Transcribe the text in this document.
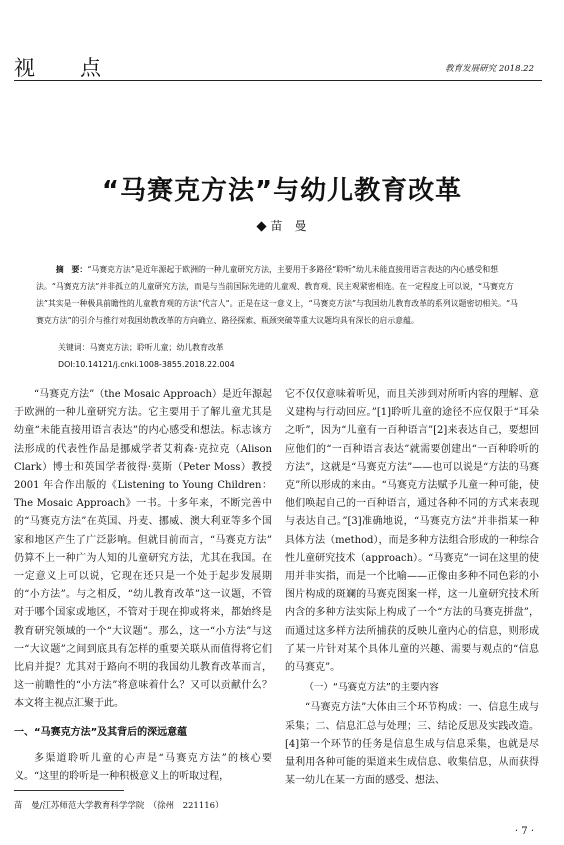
视 点	教育发展研究 2018.22
“马赛克方法”与幼儿教育改革
苗　曼

摘　要：“马赛克方法”是近年源起于欧洲的一种儿童研究方法，主要用于多路径“聆听”幼儿未能直接用语言表达的内心感受和想法。“马赛克方法”并非孤立的儿童研究方法，而是与当前国际先进的儿童观、教育观、民主观紧密相连。在一定程度上可以说，“马赛克方法”其实是一种极具前瞻性的儿童教育观的方法“代言人”。正是在这一意义上，“马赛克方法”与我国幼儿教育改革的系列议题密切相关。“马赛克方法”的引介与推行对我国幼教改革的方向确立、路径探索、瓶颈突破等重大议题均具有深长的启示意蕴。

关键词：马赛克方法；聆听儿童；幼儿教育改革
DOI:10.14121/j.cnki.1008-3855.2018.22.004

“马赛克方法”（the Mosaic Approach）是近年源起于欧洲的一种儿童研究方法。它主要用于了解儿童尤其是幼童“未能直接用语言表达”的内心感受和想法。标志该方法形成的代表性作品是挪威学者艾莉森·克拉克（Alison Clark）博士和英国学者彼得·莫斯（Peter Moss）教授 2001 年合作出版的《Listening to Young Children：The Mosaic Approach》一书。十多年来，不断完善中的“马赛克方法”在英国、丹麦、挪威、澳大利亚等多个国家和地区产生了广泛影响。但就目前而言，“马赛克方法” 仍算不上一种广为人知的儿童研究方法，尤其在我国。在一定意义上可以说，它现在还只是一个处于起步发展期的“小方法”。与之相反，“幼儿教育改革”这一议题，不管对于哪个国家或地区，不管对于现在抑或将来，都始终是教育研究领域的一个“大议题”。那么，这一“小方法”与这一“大议题”之间到底具有怎样的重要关联从而值得将它们比肩并提？尤其对于路向不明的我国幼儿教育改革而言，这一前瞻性的“小方法”将意味着什么？又可以贡献什么？本文将主视点汇聚于此。

一、“马赛克方法”及其背后的深远意蕴

多渠道聆听儿童的心声是“马赛克方法”的核心要义。“这里的聆听是一种积极意义上的听取过程，

它不仅仅意味着听见，而且关涉到对所听内容的理解、意义建构与行动回应。”[1]聆听儿童的途径不应仅限于“耳朵之听”，因为“儿童有一百种语言”[2]来表达自己，要想回应他们的“一百种语言表达”就需要创建出“一百种聆听的方法”，这就是“马赛克方法”——也可以说是“方法的马赛克”所以形成的来由。“马赛克方法赋予儿童一种可能，使他们唤起自己的一百种语言，通过各种不同的方式来表现与表达自己。”[3]准确地说，“马赛克方法”并非指某一种具体方法（method），而是多种方法组合形成的一种综合性儿童研究技术（approach）。“马赛克”一词在这里的使用并非实指，而是一个比喻——正像由多种不同色彩的小图片构成的斑斓的马赛克图案一样，这一儿童研究技术所内含的多种方法实际上构成了一个“方法的马赛克拼盘”，而通过这多样方法所捕获的反映儿童内心的信息，则形成了某一片针对某个具体儿童的兴趣、需要与观点的“信息的马赛克”。

（一）“马赛克方法”的主要内容

“马赛克方法”大体由三个环节构成：一、信息生成与采集；二、信息汇总与处理；三、结论反思及实践改造。[4]第一个环节的任务是信息生成与信息采集，也就是尽量利用各种可能的渠道来生成信息、收集信息，从而获得某一幼儿在某一方面的感受、想法、

苗　曼/江苏师范大学教育科学学院　（徐州　221116）
· 7 ·
